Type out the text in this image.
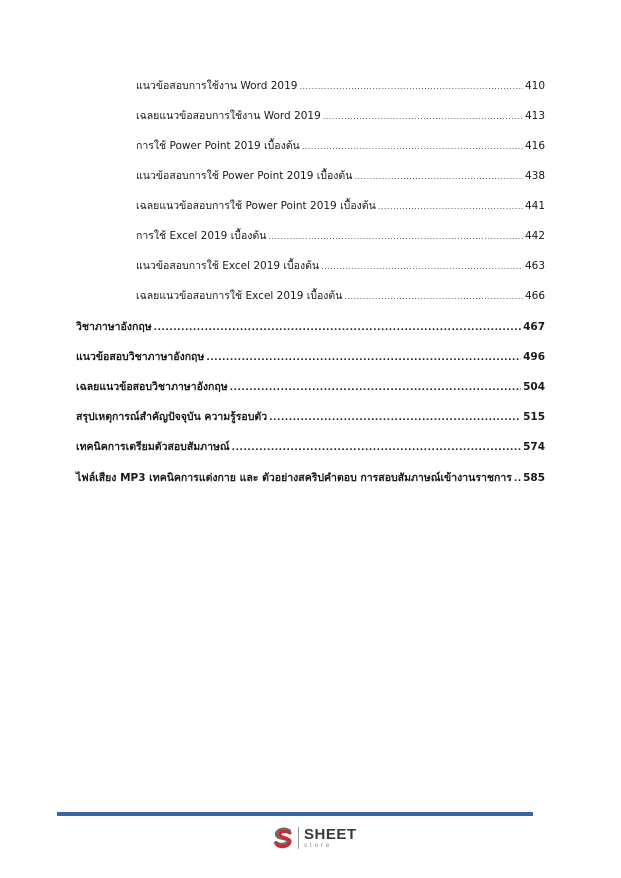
แนวข้อสอบการใช้งาน Word 2019 .....	410
เฉลยแนวข้อสอบการใช้งาน Word 2019 .....	413
การใช้ Power Point 2019 เบื้องต้น .....	416
แนวข้อสอบการใช้ Power Point 2019 เบื้องต้น .....	438
เฉลยแนวข้อสอบการใช้ Power Point 2019 เบื้องต้น .....	441
การใช้ Excel 2019 เบื้องต้น .....	442
แนวข้อสอบการใช้ Excel 2019 เบื้องต้น .....	463
เฉลยแนวข้อสอบการใช้ Excel 2019 เบื้องต้น .....	466
วิชาภาษาอังกฤษ .....	467
แนวข้อสอบวิชาภาษาอังกฤษ .....	496
เฉลยแนวข้อสอบวิชาภาษาอังกฤษ .....	504
สรุปเหตุการณ์สำคัญปัจจุบัน ความรู้รอบตัว .....	515
เทคนิคการเตรียมตัวสอบสัมภาษณ์ .....	574
ไฟล์เสียง MP3 เทคนิคการแต่งกาย และ ตัวอย่างสคริปคำตอบ การสอบสัมภาษณ์เข้างานราชการ ..... 585
SHEET
store
